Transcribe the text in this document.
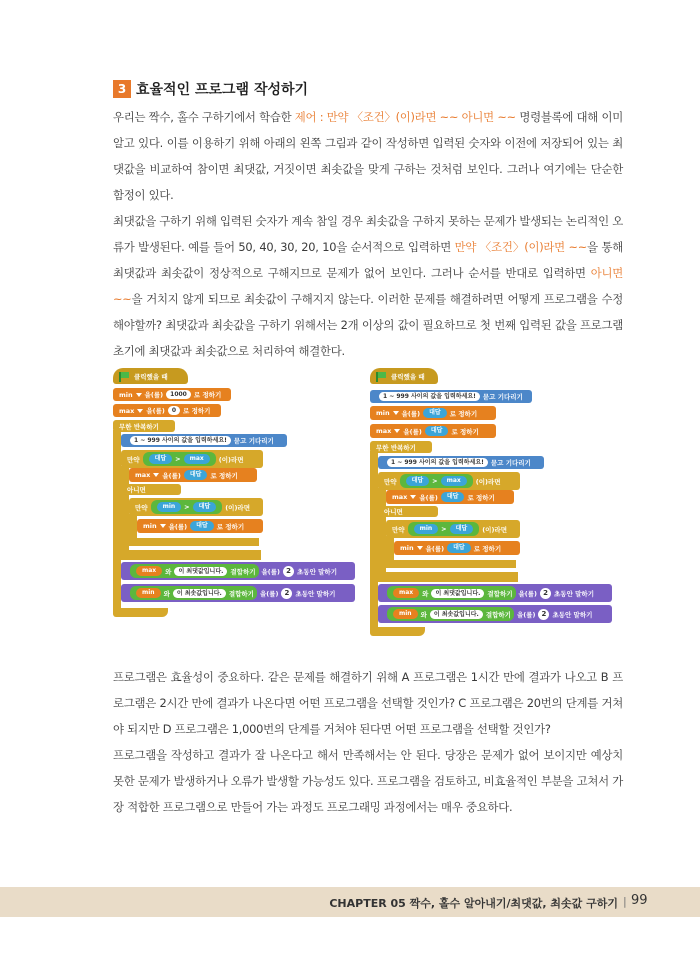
3 효율적인 프로그램 작성하기
우리는 짝수, 홀수 구하기에서 학습한 제어 : 만약 〈조건〉(이)라면 ~~ 아니면 ~~ 명령블록에 대해 이미 알고 있다. 이를 이용하기 위해 아래의 왼쪽 그림과 같이 작성하면 입력된 숫자와 이전에 저장되어 있는 최댓값을 비교하여 참이면 최댓값, 거짓이면 최솟값을 맞게 구하는 것처럼 보인다. 그러나 여기에는 단순한 함정이 있다.
최댓값을 구하기 위해 입력된 숫자가 계속 참일 경우 최솟값을 구하지 못하는 문제가 발생되는 논리적인 오류가 발생된다. 예를 들어 50, 40, 30, 20, 10을 순서적으로 입력하면 만약 〈조건〉(이)라면 ~~을 통해 최댓값과 최솟값이 정상적으로 구해지므로 문제가 없어 보인다. 그러나 순서를 반대로 입력하면 아니면 ~~을 거치지 않게 되므로 최솟값이 구해지지 않는다. 이러한 문제를 해결하려면 어떻게 프로그램을 수정해야할까? 최댓값과 최솟값을 구하기 위해서는 2개 이상의 값이 필요하므로 첫 번째 입력된 값을 프로그램 초기에 최댓값과 최솟값으로 처리하여 해결한다.
클릭했을 때
min 을(를)	1000	로 정하기
max 을(를)	0	로 정하기
무한 반복하기
1 ~ 999 사이의 값을 입력하세요!	묻고 기다리기
만약	대답	>	max	(이)라면
max 을(를)	대답	로 정하기
아니면
만약	min	>	대답	(이)라면
min 을(를)	대답	로 정하기
max	와	이 최댓값입니다.	결합하기 을(를) 2 초동안 말하기
min	와	이 최솟값입니다.	결합하기 을(를) 2 초동안 말하기
클릭했을 때
1 ~ 999 사이의 값을 입력하세요!	묻고 기다리기
min 을(를)	대답	로 정하기
max 을(를)	대답	로 정하기
무한 반복하기
1 ~ 999 사이의 값을 입력하세요!	묻고 기다리기
만약	대답	>	max	(이)라면
max 을(를)	대답	로 정하기
아니면
만약	min	>	대답	(이)라면
min 을(를)	대답	로 정하기
max	와	이 최댓값입니다.	결합하기 을(를) 2 초동안 말하기
min	와	이 최솟값입니다.	결합하기 을(를) 2 초동안 말하기
프로그램은 효율성이 중요하다. 같은 문제를 해결하기 위해 A 프로그램은 1시간 만에 결과가 나오고 B 프로그램은 2시간 만에 결과가 나온다면 어떤 프로그램을 선택할 것인가? C 프로그램은 20번의 단계를 거쳐야 되지만 D 프로그램은 1,000번의 단계를 거쳐야 된다면 어떤 프로그램을 선택할 것인가?
프로그램을 작성하고 결과가 잘 나온다고 해서 만족해서는 안 된다. 당장은 문제가 없어 보이지만 예상치 못한 문제가 발생하거나 오류가 발생할 가능성도 있다. 프로그램을 검토하고, 비효율적인 부분을 고쳐서 가장 적합한 프로그램으로 만들어 가는 과정도 프로그래밍 과정에서는 매우 중요하다.
CHAPTER 05 짝수, 홀수 알아내기/최댓값, 최솟값 구하기 | 99
